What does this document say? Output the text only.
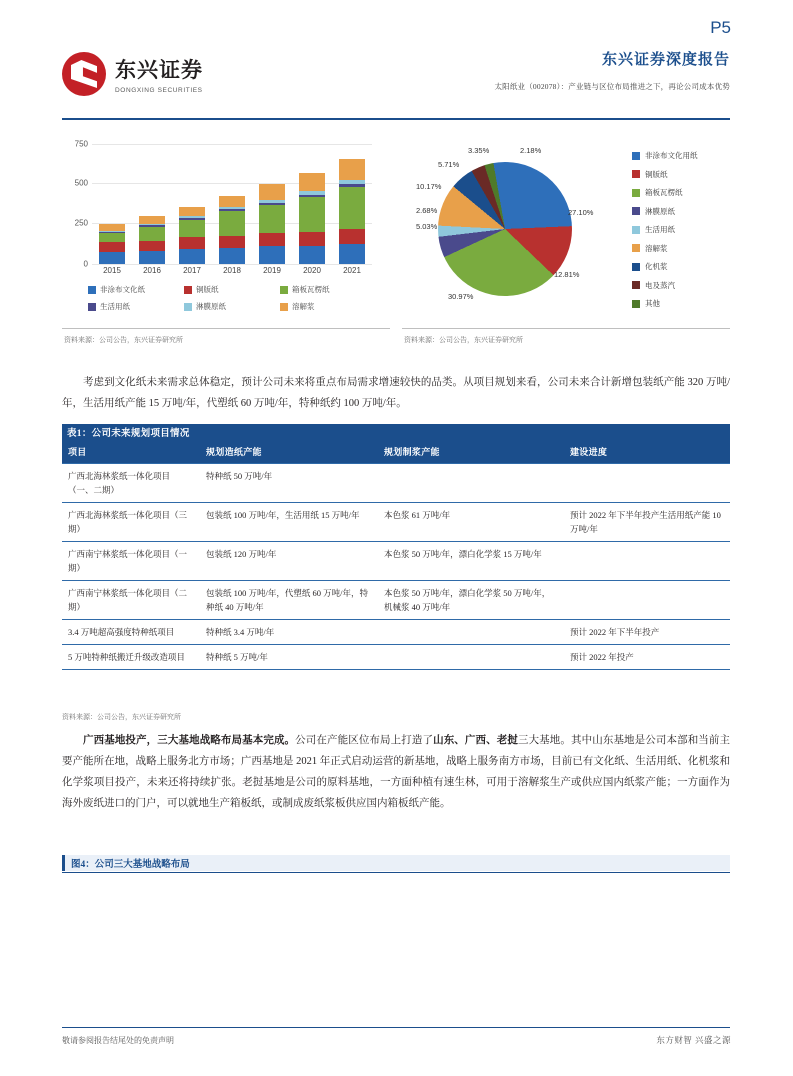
东兴证券
DONGXING SECURITIES
东兴证券深度报告
太阳纸业（002078）：产业链与区位布局推进之下，再论公司成本优势
P5
0
250
500
750
2015	2016	2017	2018	2019	2020	2021
非涂布文化纸	铜版纸	箱板瓦楞纸
生活用纸	淋膜原纸	溶解浆
资料来源：公司公告，东兴证券研究所
27.10%
12.81%
30.97%
5.03%
2.68%
10.17%
5.71%
3.35%	2.18%
非涂布文化用纸
铜版纸
箱板瓦楞纸
淋膜原纸
生活用纸
溶解浆
化机浆
电及蒸汽
其他
资料来源：公司公告，东兴证券研究所
考虑到文化纸未来需求总体稳定，预计公司未来将重点布局需求增速较快的品类。从项目规划来看，公司未来合计新增包装纸产能 320 万吨/年，生活用纸产能 15 万吨/年，代塑纸 60 万吨/年，特种纸约 100 万吨/年。
表1：公司未来规划项目情况
项目	规划造纸产能	规划制浆产能	建设进度
广西北海林浆纸一体化项目（一、二期）	特种纸 50 万吨/年		
广西北海林浆纸一体化项目（三期）	包装纸 100 万吨/年，生活用纸 15 万吨/年	本色浆 61 万吨/年	预计 2022 年下半年投产生活用纸产能 10 万吨/年
广西南宁林浆纸一体化项目（一期）	包装纸 120 万吨/年	本色浆 50 万吨/年，漂白化学浆 15 万吨/年	
广西南宁林浆纸一体化项目（二期）	包装纸 100 万吨/年，代塑纸 60 万吨/年，特种纸 40 万吨/年	本色浆 50 万吨/年，漂白化学浆 50 万吨/年，机械浆 40 万吨/年	
3.4 万吨超高强度特种纸项目	特种纸 3.4 万吨/年		预计 2022 年下半年投产
5 万吨特种纸搬迁升级改造项目	特种纸 5 万吨/年		预计 2022 年投产
资料来源：公司公告，东兴证券研究所
广西基地投产，三大基地战略布局基本完成。公司在产能区位布局上打造了山东、广西、老挝三大基地。其中山东基地是公司本部和当前主要产能所在地，战略上服务北方市场；广西基地是 2021 年正式启动运营的新基地，战略上服务南方市场，目前已有文化纸、生活用纸、化机浆和化学浆项目投产，未来还将持续扩张。老挝基地是公司的原料基地，一方面种植有速生林，可用于溶解浆生产或供应国内纸浆产能；一方面作为海外废纸进口的门户，可以就地生产箱板纸，或制成废纸浆板供应国内箱板纸产能。
图4：公司三大基地战略布局
敬请参阅报告结尾处的免责声明	东方财智 兴盛之源
